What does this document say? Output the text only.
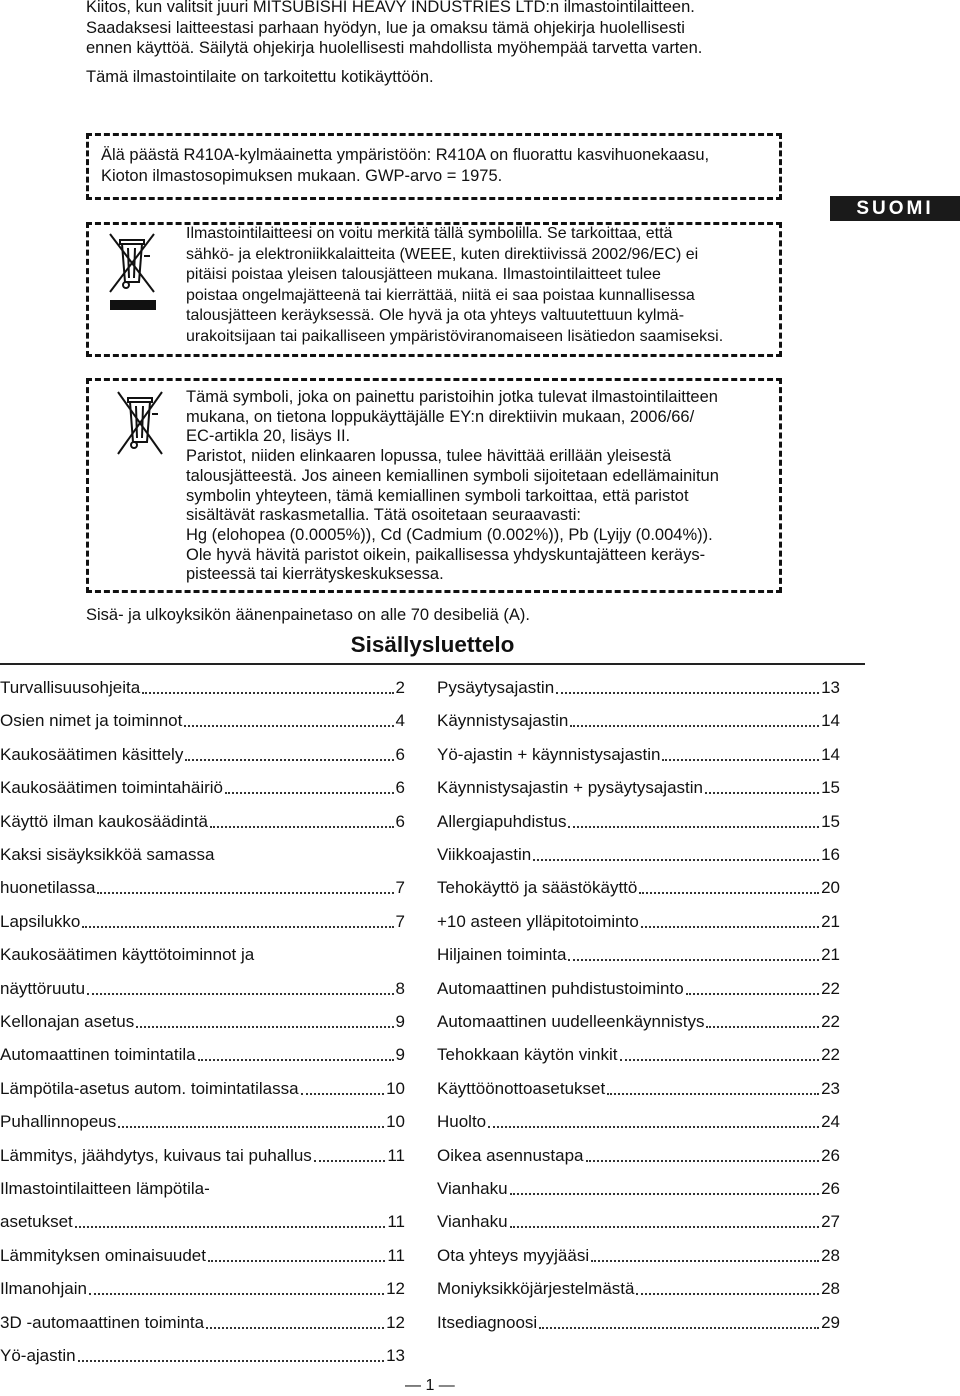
Kiitos, kun valitsit juuri MITSUBISHI HEAVY INDUSTRIES LTD:n ilmastointilaitteen.

Saadaksesi laitteestasi parhaan hyödyn, lue ja omaksu tämä ohjekirja huolellisesti

ennen käyttöä. Säilytä ohjekirja huolellisesti mahdollista myöhempää tarvetta varten.

Tämä ilmastointilaite on tarkoitettu kotikäyttöön.

Älä päästä R410A-kylmäainetta ympäristöön: R410A on fluorattu kasvihuonekaasu,
Kioton ilmastosopimuksen mukaan. GWP-arvo = 1975.
SUOMI
Ilmastointilaitteesi on voitu merkitä tällä symbolilla. Se tarkoittaa, että
sähkö- ja elektroniikkalaitteita (WEEE, kuten direktiivissä 2002/96/EC) ei
pitäisi poistaa yleisen talousjätteen mukana. Ilmastointilaitteet tulee
poistaa ongelmajätteenä tai kierrättää, niitä ei saa poistaa kunnallisessa
talousjätteen keräyksessä. Ole hyvä ja ota yhteys valtuutettuun kylmä-
urakoitsijaan tai paikalliseen ympäristöviranomaiseen lisätiedon saamiseksi.
Tämä symboli, joka on painettu paristoihin jotka tulevat ilmastointilaitteen
mukana, on tietona loppukäyttäjälle EY:n direktiivin mukaan, 2006/66/
EC-artikla 20, lisäys II.
Paristot, niiden elinkaaren lopussa, tulee hävittää erillään yleisestä
talousjätteestä. Jos aineen kemiallinen symboli sijoitetaan edellämainitun
symbolin yhteyteen, tämä kemiallinen symboli tarkoittaa, että paristot
sisältävät raskasmetallia. Tätä osoitetaan seuraavasti:
Hg (elohopea (0.0005%)), Cd (Cadmium (0.002%)), Pb (Lyijy (0.004%)).
Ole hyvä hävitä paristot oikein, paikallisessa yhdyskuntajätteen keräys-
pisteessä tai kierrätyskeskuksessa.
Sisä- ja ulkoyksikön äänenpainetaso on alle 70 desibeliä (A).
Sisällysluettelo
Turvallisuusohjeita	2
Osien nimet ja toiminnot	4
Kaukosäätimen käsittely	6
Kaukosäätimen toimintahäiriö	6
Käyttö ilman kaukosäädintä	6
Kaksi sisäyksikköä samassa
huonetilassa	7
Lapsilukko	7
Kaukosäätimen käyttötoiminnot ja
näyttöruutu	8
Kellonajan asetus	9
Automaattinen toimintatila	9
Lämpötila-asetus autom. toimintatilassa	10
Puhallinnopeus	10
Lämmitys, jäähdytys, kuivaus tai puhallus	11
Ilmastointilaitteen lämpötila-
asetukset	11
Lämmityksen ominaisuudet	11
Ilmanohjain	12
3D -automaattinen toiminta	12
Yö-ajastin	13
Pysäytysajastin	13
Käynnistysajastin	14
Yö-ajastin + käynnistysajastin	14
Käynnistysajastin + pysäytysajastin	15
Allergiapuhdistus	15
Viikkoajastin	16
Tehokäyttö ja säästökäyttö	20
+10 asteen ylläpitotoiminto	21
Hiljainen toiminta	21
Automaattinen puhdistustoiminto	22
Automaattinen uudelleenkäynnistys	22
Tehokkaan käytön vinkit	22
Käyttöönottoasetukset	23
Huolto	24
Oikea asennustapa	26
Vianhaku	26
Vianhaku	27
Ota yhteys myyjääsi	28
Moniyksikköjärjestelmästä	28
Itsediagnoosi	29
— 1 —
